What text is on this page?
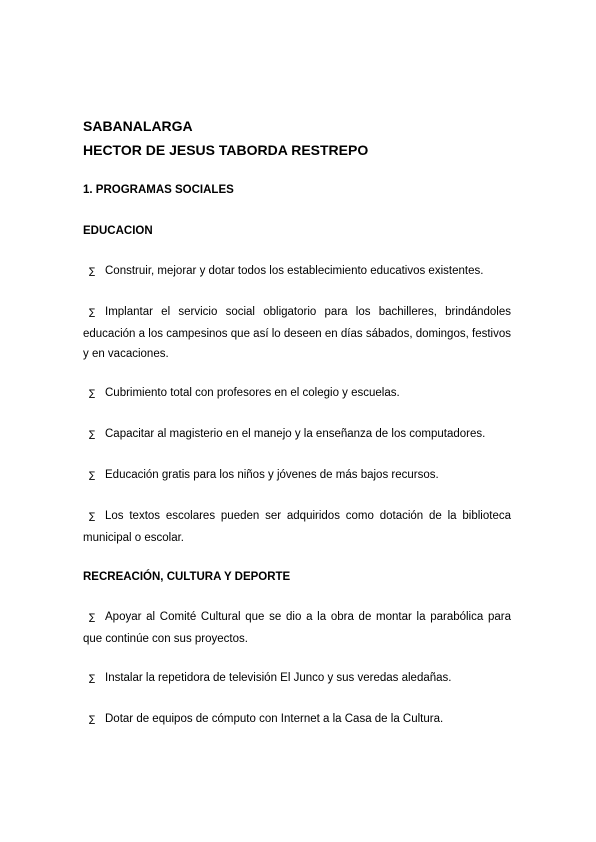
SABANALARGA
HECTOR DE JESUS TABORDA RESTREPO
1. PROGRAMAS SOCIALES
EDUCACION

∑ Construir, mejorar y dotar todos los establecimiento educativos existentes.

∑ Implantar el servicio social obligatorio para los bachilleres, brindándoles educación a los campesinos que así lo deseen en días sábados, domingos, festivos y en vacaciones.

∑ Cubrimiento total con profesores en el colegio y escuelas.

∑ Capacitar al magisterio en el manejo y la enseñanza de los computadores.

∑ Educación gratis para los niños y jóvenes de más bajos recursos.

∑ Los textos escolares pueden ser adquiridos como dotación de la biblioteca municipal o escolar.

RECREACIÓN, CULTURA Y DEPORTE

∑ Apoyar al Comité Cultural que se dio a la obra de montar la parabólica para que continúe con sus proyectos.

∑ Instalar la repetidora de televisión El Junco y sus veredas aledañas.

∑ Dotar de equipos de cómputo con Internet a la Casa de la Cultura.
